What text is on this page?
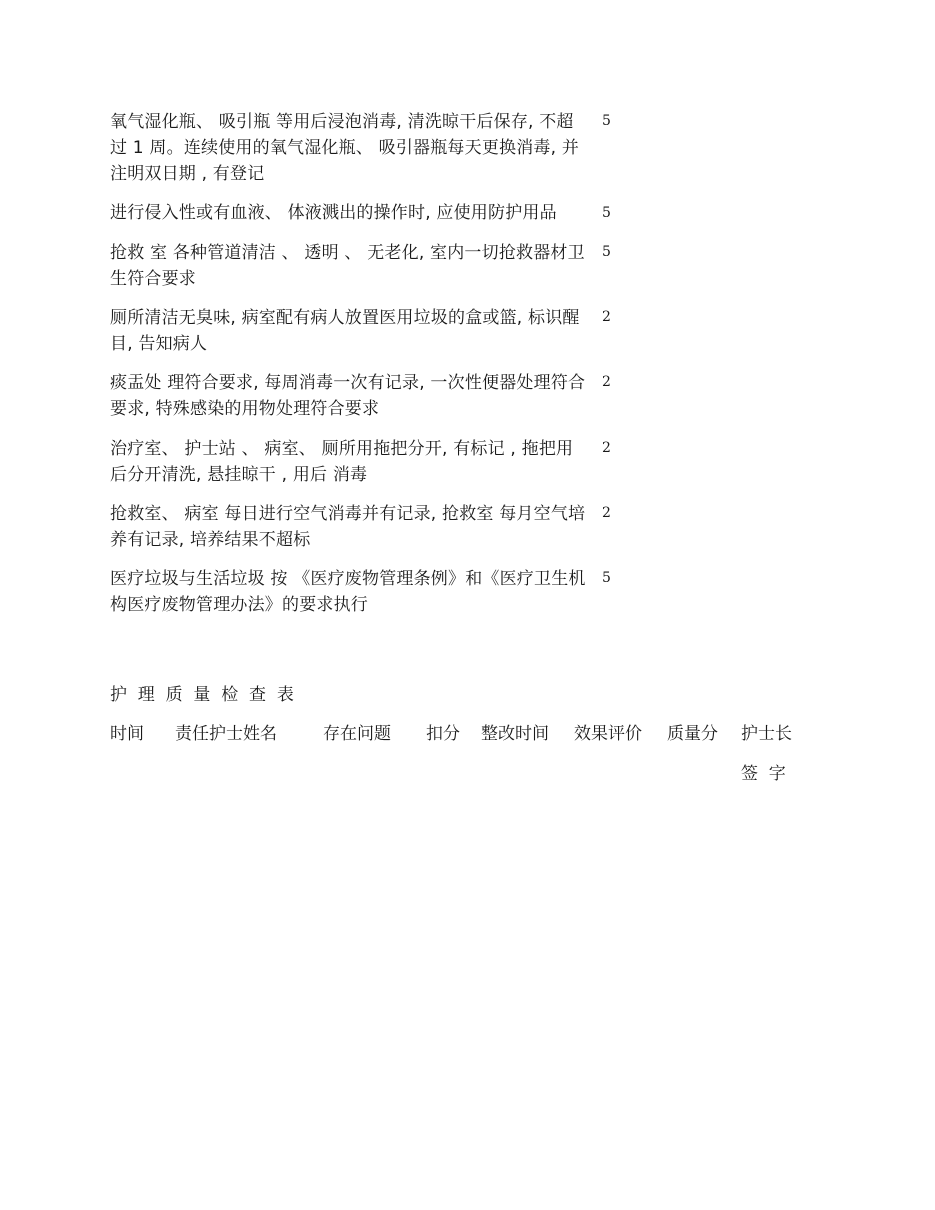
氧气湿化瓶、 吸引瓶 等用后浸泡消毒, 清洗晾干后保存, 不超过 1 周。连续使用的氧气湿化瓶、 吸引器瓶每天更换消毒, 并注明双日期 , 有登记
5
进行侵入性或有血液、 体液溅出的操作时, 应使用防护用品	5
抢救 室 各种管道清洁 、 透明 、 无老化, 室内一切抢救器材卫生符合要求
5
厕所清洁无臭味, 病室配有病人放置医用垃圾的盒或篮, 标识醒目, 告知病人
2
痰盂处 理符合要求, 每周消毒一次有记录, 一次性便器处理符合要求, 特殊感染的用物处理符合要求
2
治疗室、 护士站 、 病室、 厕所用拖把分开, 有标记 , 拖把用后分开清洗, 悬挂晾干 , 用后 消毒
2
抢救室、 病室 每日进行空气消毒并有记录, 抢救室 每月空气培养有记录, 培养结果不超标
2
医疗垃圾与生活垃圾 按 《医疗废物管理条例》和《医疗卫生机构医疗废物管理办法》的要求执行
5
护  理  质  量  检  查  表
时间 责任护士姓名	存在问题 扣分 整改时间 效果评价 质量分 护士长
签  字
